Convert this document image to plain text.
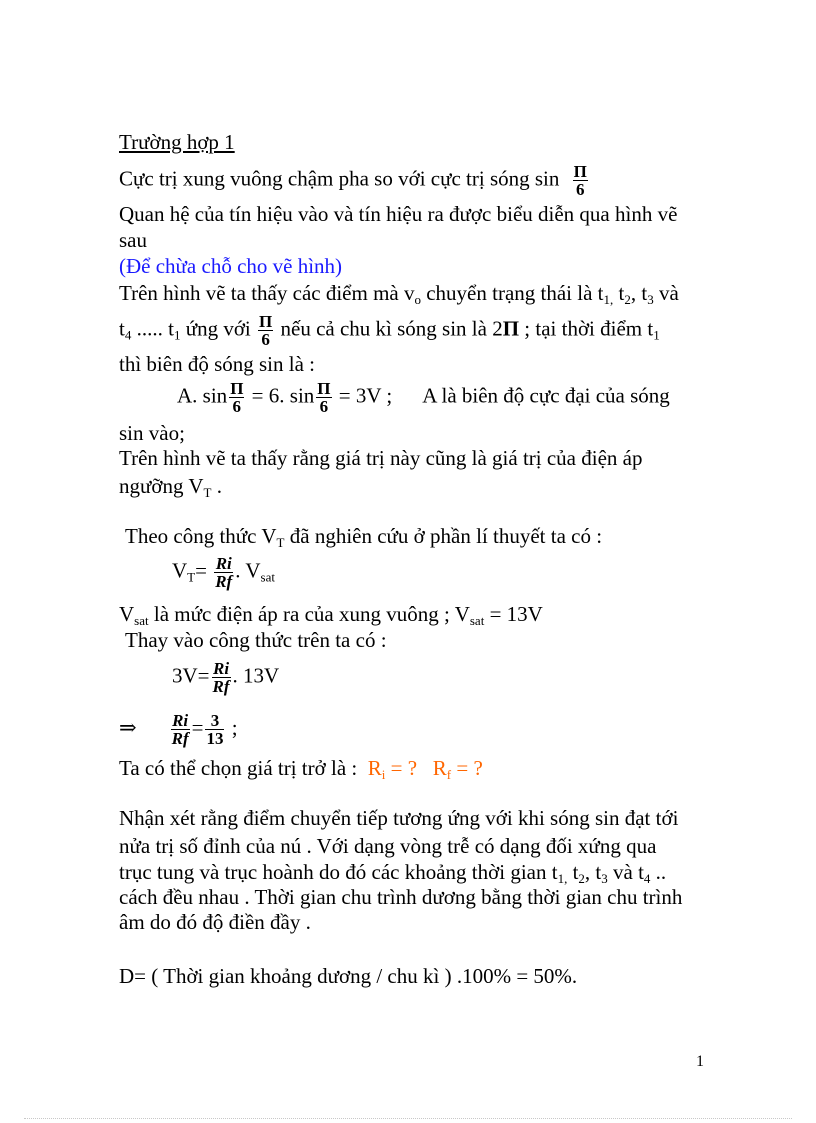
Trường hợp 1
Cực trị xung vuông chậm pha so với cực trị sóng $\sin \frac{\Pi}{6}$
Quan hệ của tín hiệu vào và tín hiệu ra được biểu diễn qua hình vẽ
sau
(Để chừa chỗ cho vẽ hình)
Trên hình vẽ ta thấy các điểm mà $v_o$ chuyển trạng thái là $t_{1,}$ $t_2$, $t_3$ và
$t_4$ ..... $t_1$ ứng với $\frac{\Pi}{6}$ nếu cả chu kì sóng sin là 2Π ; tại thời điểm $t_1$
thì biên độ sóng sin là :
A. $\sin \frac{\Pi}{6} = 6$. $\sin \frac{\Pi}{6} = 3V$ ; A là biên độ cực đại của sóng
sin vào;
Trên hình vẽ ta thấy rằng giá trị này cũng là giá trị của điện áp
ngưỡng $V_T$ .
Theo công thức $V_T$ đã nghiên cứu ở phần lí thuyết ta có :
$V_T= \frac{Ri}{Rf}$ . $V_{sat}$
$V_{sat}$ là mức điện áp ra của xung vuông ; $V_{sat} = 13V$
Thay vào công thức trên ta có :
$3V= \frac{Ri}{Rf}$ . 13V
⇒ $\frac{Ri}{Rf} = \frac{3}{13}$ ;
Ta có thể chọn giá trị trở là : $R_i$ = ? $R_f$ = ?
Nhận xét rằng điểm chuyển tiếp tương ứng với khi sóng sin đạt tới
nửa trị số đỉnh của nú . Với dạng vòng trễ có dạng đối xứng qua
trục tung và trục hoành do đó các khoảng thời gian $t_{1,}$ $t_2$, $t_3$ và $t_4$ ..
cách đều nhau . Thời gian chu trình dương bằng thời gian chu trình
âm do đó độ điền đầy .
D= ( Thời gian khoảng dương / chu kì ) .100% = 50%.
1
